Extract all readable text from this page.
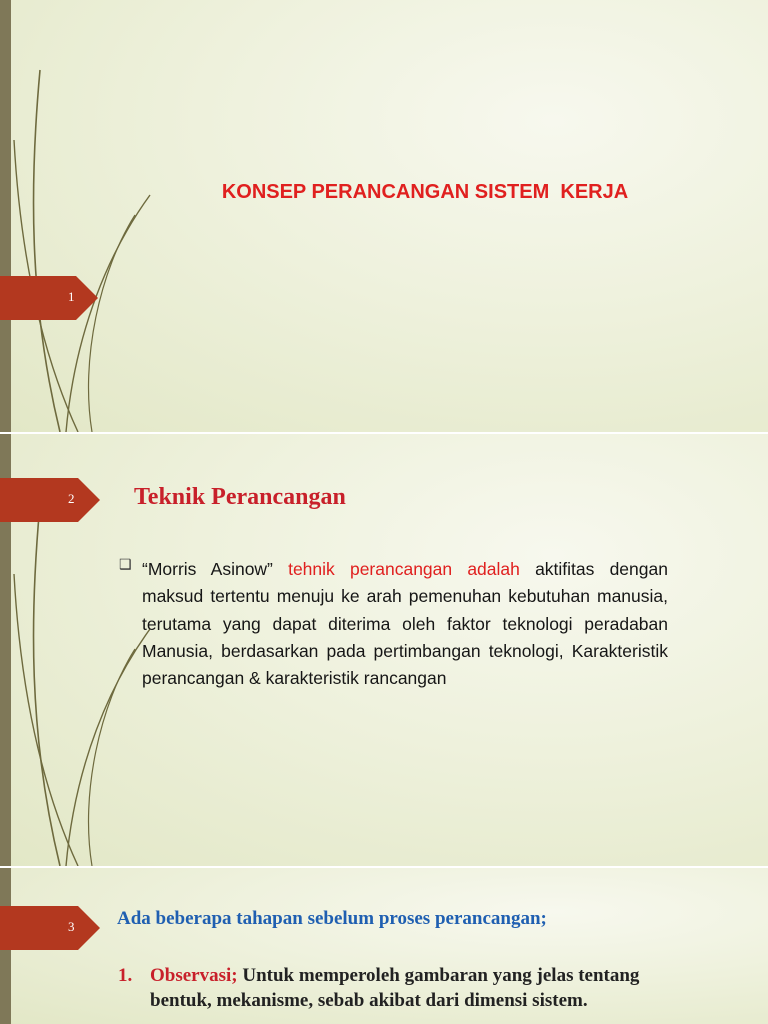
1
KONSEP PERANCANGAN SISTEM  KERJA
2 Teknik Perancangan
❑ “Morris Asinow” tehnik perancangan adalah aktifitas dengan maksud tertentu menuju ke arah pemenuhan kebutuhan manusia, terutama yang dapat diterima oleh faktor teknologi peradaban Manusia, berdasarkan pada pertimbangan teknologi, Karakteristik perancangan & karakteristik rancangan
3 Ada beberapa tahapan sebelum proses perancangan;
1. Observasi; Untuk memperoleh gambaran yang jelas tentang
bentuk, mekanisme, sebab akibat dari dimensi sistem.
